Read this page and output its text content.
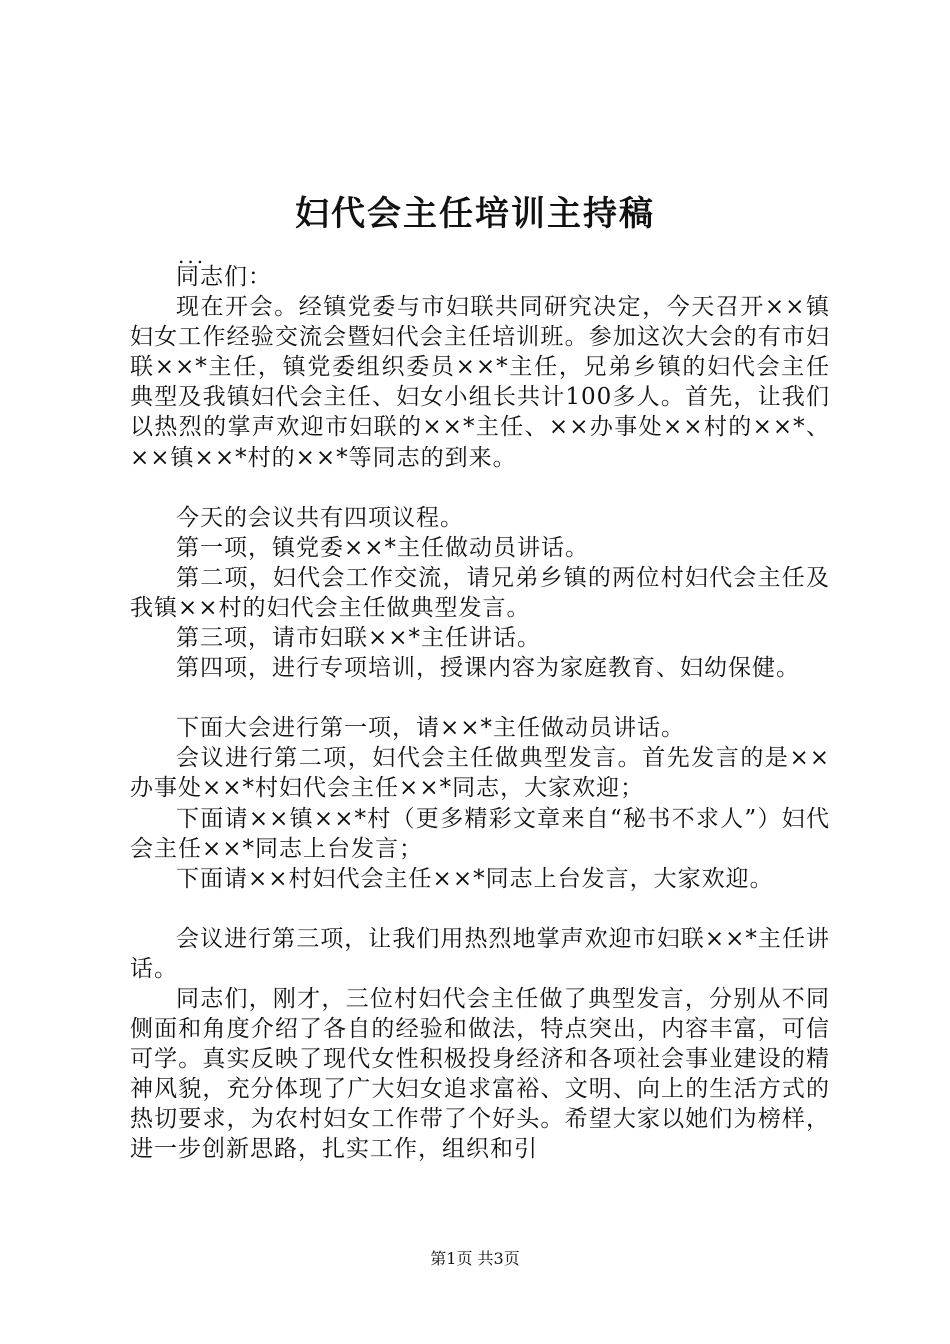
妇代会主任培训主持稿
...

同志们：

现在开会。经镇党委与市妇联共同研究决定，今天召开××镇妇女工作经验交流会暨妇代会主任培训班。参加这次大会的有市妇联××*主任，镇党委组织委员××*主任，兄弟乡镇的妇代会主任典型及我镇妇代会主任、妇女小组长共计100多人。首先，让我们以热烈的掌声欢迎市妇联的××*主任、××办事处××村的××*、××镇××*村的××*等同志的到来。

今天的会议共有四项议程。

第一项，镇党委××*主任做动员讲话。

第二项，妇代会工作交流，请兄弟乡镇的两位村妇代会主任及我镇××村的妇代会主任做典型发言。

第三项，请市妇联××*主任讲话。

第四项，进行专项培训，授课内容为家庭教育、妇幼保健。

下面大会进行第一项，请××*主任做动员讲话。

会议进行第二项，妇代会主任做典型发言。首先发言的是××办事处××*村妇代会主任××*同志，大家欢迎；

下面请××镇××*村（更多精彩文章来自“秘书不求人”）妇代会主任××*同志上台发言；

下面请××村妇代会主任××*同志上台发言，大家欢迎。

会议进行第三项，让我们用热烈地掌声欢迎市妇联××*主任讲话。

同志们，刚才，三位村妇代会主任做了典型发言，分别从不同侧面和角度介绍了各自的经验和做法，特点突出，内容丰富，可信可学。真实反映了现代女性积极投身经济和各项社会事业建设的精神风貌，充分体现了广大妇女追求富裕、文明、向上的生活方式的热切要求，为农村妇女工作带了个好头。希望大家以她们为榜样，进一步创新思路，扎实工作，组织和引

第1页 共3页
